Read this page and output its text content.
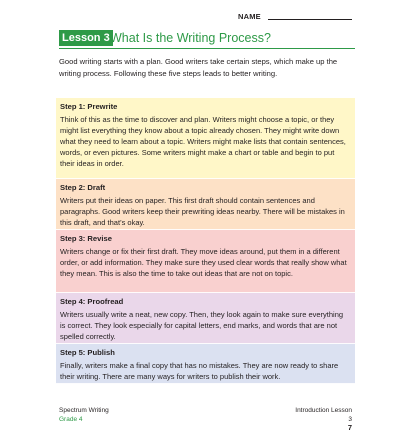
NAME
Lesson 3 What Is the Writing Process?
Good writing starts with a plan. Good writers take certain steps, which make up the writing process. Following these five steps leads to better writing.
Step 1: Prewrite

Think of this as the time to discover and plan. Writers might choose a topic, or they might list everything they know about a topic already chosen. They might write down what they need to learn about a topic. Writers might make lists that contain sentences, words, or even pictures. Some writers might make a chart or table and begin to put their ideas in order.

Step 2: Draft

Writers put their ideas on paper. This first draft should contain sentences and paragraphs. Good writers keep their prewriting ideas nearby. There will be mistakes in this draft, and that’s okay.

Step 3: Revise

Writers change or fix their first draft. They move ideas around, put them in a different order, or add information. They make sure they used clear words that really show what they mean. This is also the time to take out ideas that are not on topic.

Step 4: Proofread

Writers usually write a neat, new copy. Then, they look again to make sure everything is correct. They look especially for capital letters, end marks, and words that are not spelled correctly.

Step 5: Publish

Finally, writers make a final copy that has no mistakes. They are now ready to share their writing. There are many ways for writers to publish their work.

Spectrum Writing
Grade 4
Introduction Lesson 3
7
